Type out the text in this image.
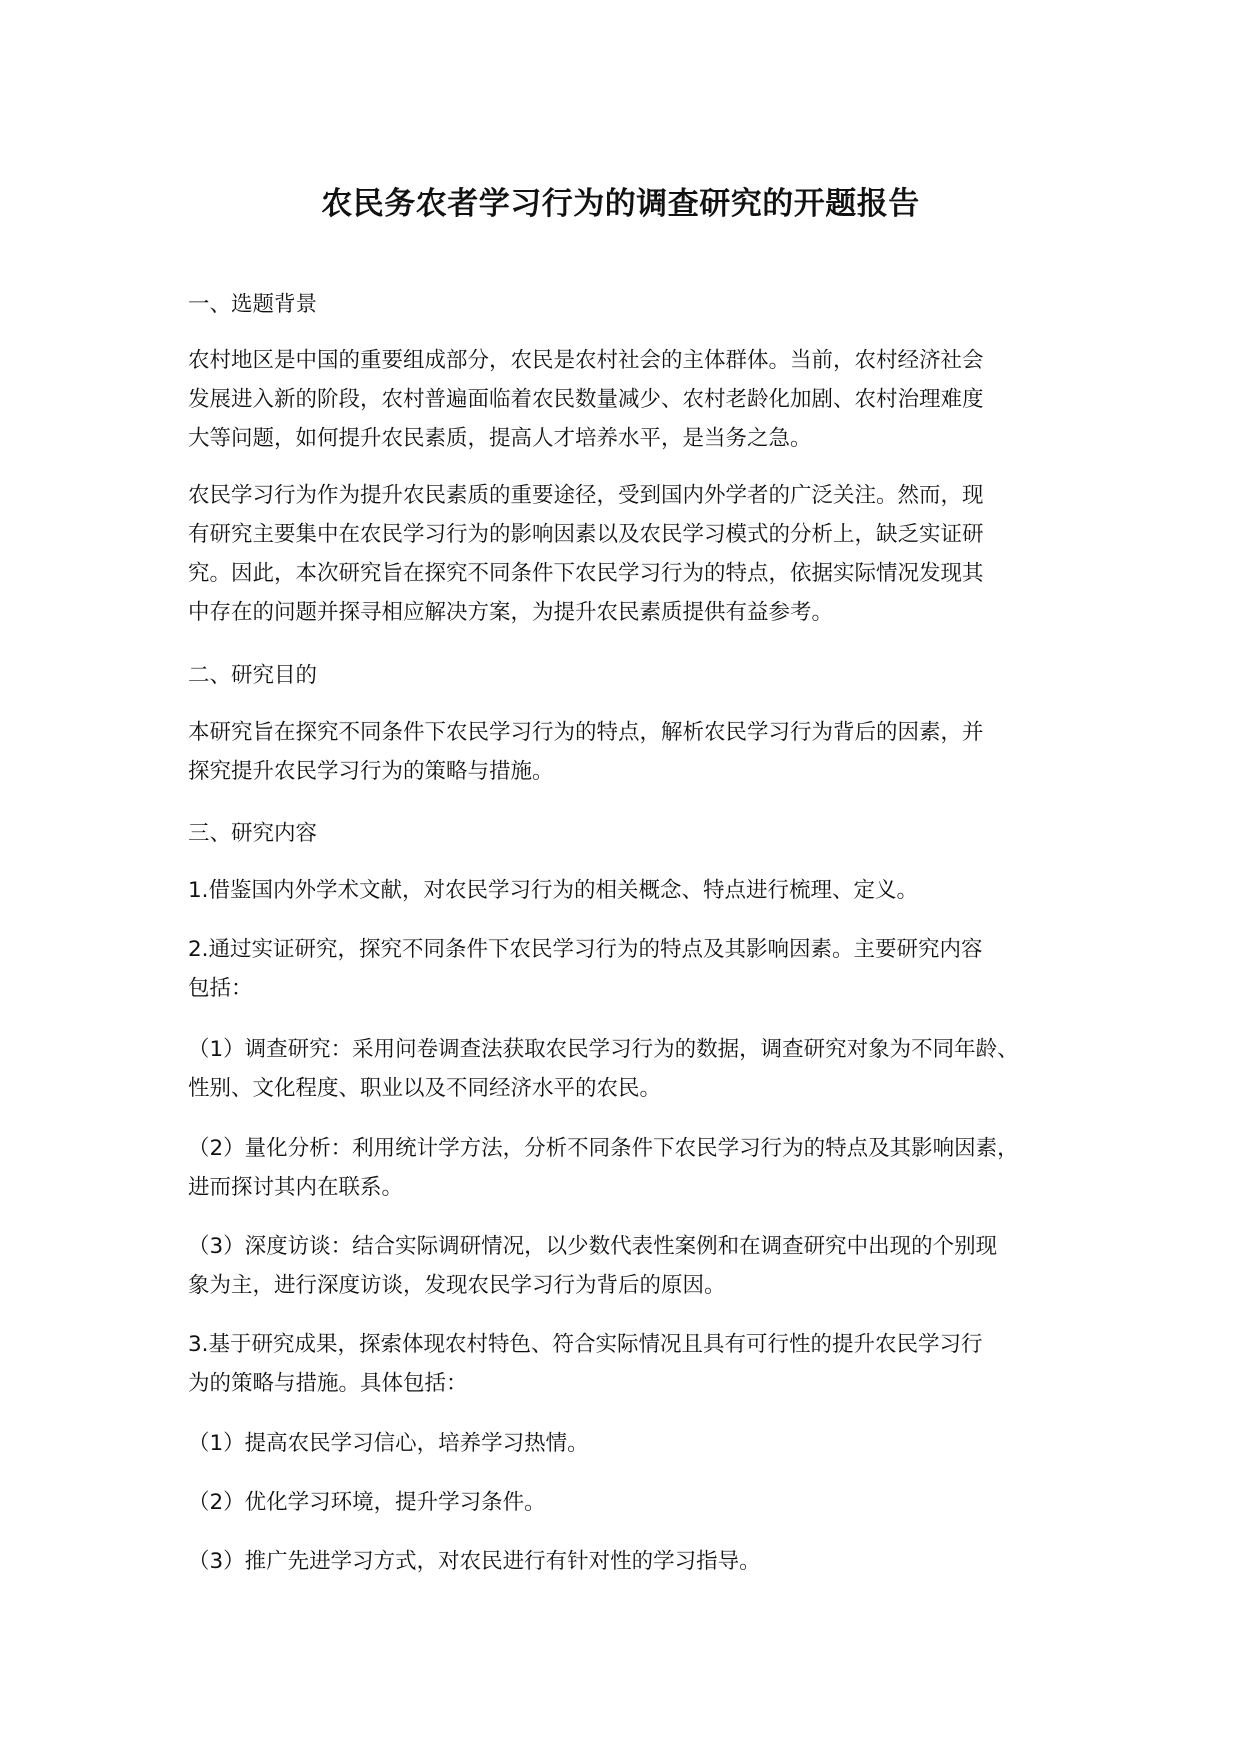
农民务农者学习行为的调查研究的开题报告

一、选题背景

农村地区是中国的重要组成部分，农民是农村社会的主体群体。当前，农村经济社会
发展进入新的阶段，农村普遍面临着农民数量减少、农村老龄化加剧、农村治理难度
大等问题，如何提升农民素质，提高人才培养水平，是当务之急。

农民学习行为作为提升农民素质的重要途径，受到国内外学者的广泛关注。然而，现
有研究主要集中在农民学习行为的影响因素以及农民学习模式的分析上，缺乏实证研
究。因此，本次研究旨在探究不同条件下农民学习行为的特点，依据实际情况发现其
中存在的问题并探寻相应解决方案，为提升农民素质提供有益参考。

二、研究目的

本研究旨在探究不同条件下农民学习行为的特点，解析农民学习行为背后的因素，并
探究提升农民学习行为的策略与措施。

三、研究内容

1.借鉴国内外学术文献，对农民学习行为的相关概念、特点进行梳理、定义。

2.通过实证研究，探究不同条件下农民学习行为的特点及其影响因素。主要研究内容
包括：

（1）调查研究：采用问卷调查法获取农民学习行为的数据，调查研究对象为不同年龄、
性别、文化程度、职业以及不同经济水平的农民。

（2）量化分析：利用统计学方法，分析不同条件下农民学习行为的特点及其影响因素，
进而探讨其内在联系。

（3）深度访谈：结合实际调研情况，以少数代表性案例和在调查研究中出现的个别现
象为主，进行深度访谈，发现农民学习行为背后的原因。

3.基于研究成果，探索体现农村特色、符合实际情况且具有可行性的提升农民学习行
为的策略与措施。具体包括：

（1）提高农民学习信心，培养学习热情。

（2）优化学习环境，提升学习条件。

（3）推广先进学习方式，对农民进行有针对性的学习指导。
